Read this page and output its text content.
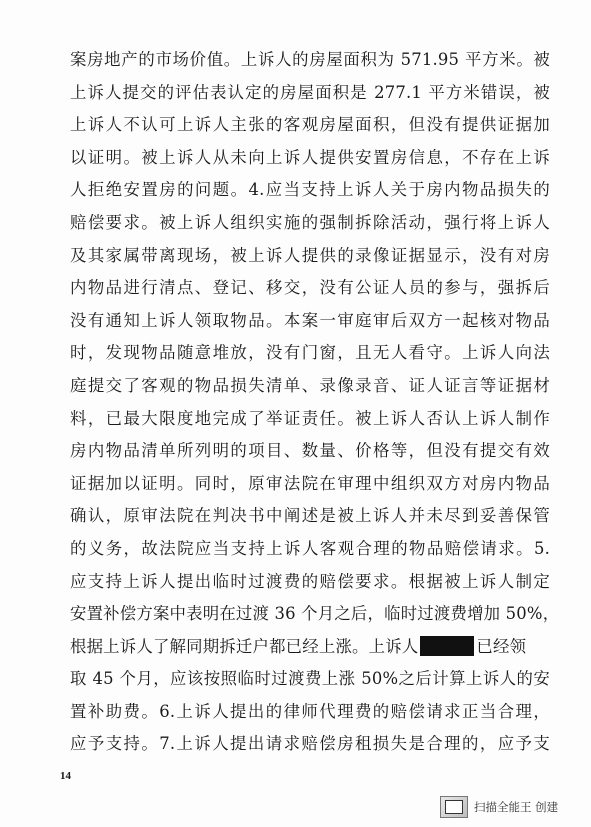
案房地产的市场价值。上诉人的房屋面积为 571.95 平方米。被
上诉人提交的评估表认定的房屋面积是 277.1 平方米错误，被
上诉人不认可上诉人主张的客观房屋面积，但没有提供证据加
以证明。被上诉人从未向上诉人提供安置房信息，不存在上诉
人拒绝安置房的问题。4.应当支持上诉人关于房内物品损失的
赔偿要求。被上诉人组织实施的强制拆除活动，强行将上诉人
及其家属带离现场，被上诉人提供的录像证据显示，没有对房
内物品进行清点、登记、移交，没有公证人员的参与，强拆后
没有通知上诉人领取物品。本案一审庭审后双方一起核对物品
时，发现物品随意堆放，没有门窗，且无人看守。上诉人向法
庭提交了客观的物品损失清单、录像录音、证人证言等证据材
料，已最大限度地完成了举证责任。被上诉人否认上诉人制作
房内物品清单所列明的项目、数量、价格等，但没有提交有效
证据加以证明。同时，原审法院在审理中组织双方对房内物品
确认，原审法院在判决书中阐述是被上诉人并未尽到妥善保管
的义务，故法院应当支持上诉人客观合理的物品赔偿请求。5.
应支持上诉人提出临时过渡费的赔偿要求。根据被上诉人制定
安置补偿方案中表明在过渡 36 个月之后，临时过渡费增加 50%，
根据上诉人了解同期拆迁户都已经上涨。上诉人	已经领
取 45 个月，应该按照临时过渡费上涨 50%之后计算上诉人的安
置补助费。6.上诉人提出的律师代理费的赔偿请求正当合理，
应予支持。7.上诉人提出请求赔偿房租损失是合理的，应予支
14
扫描全能王 创建
